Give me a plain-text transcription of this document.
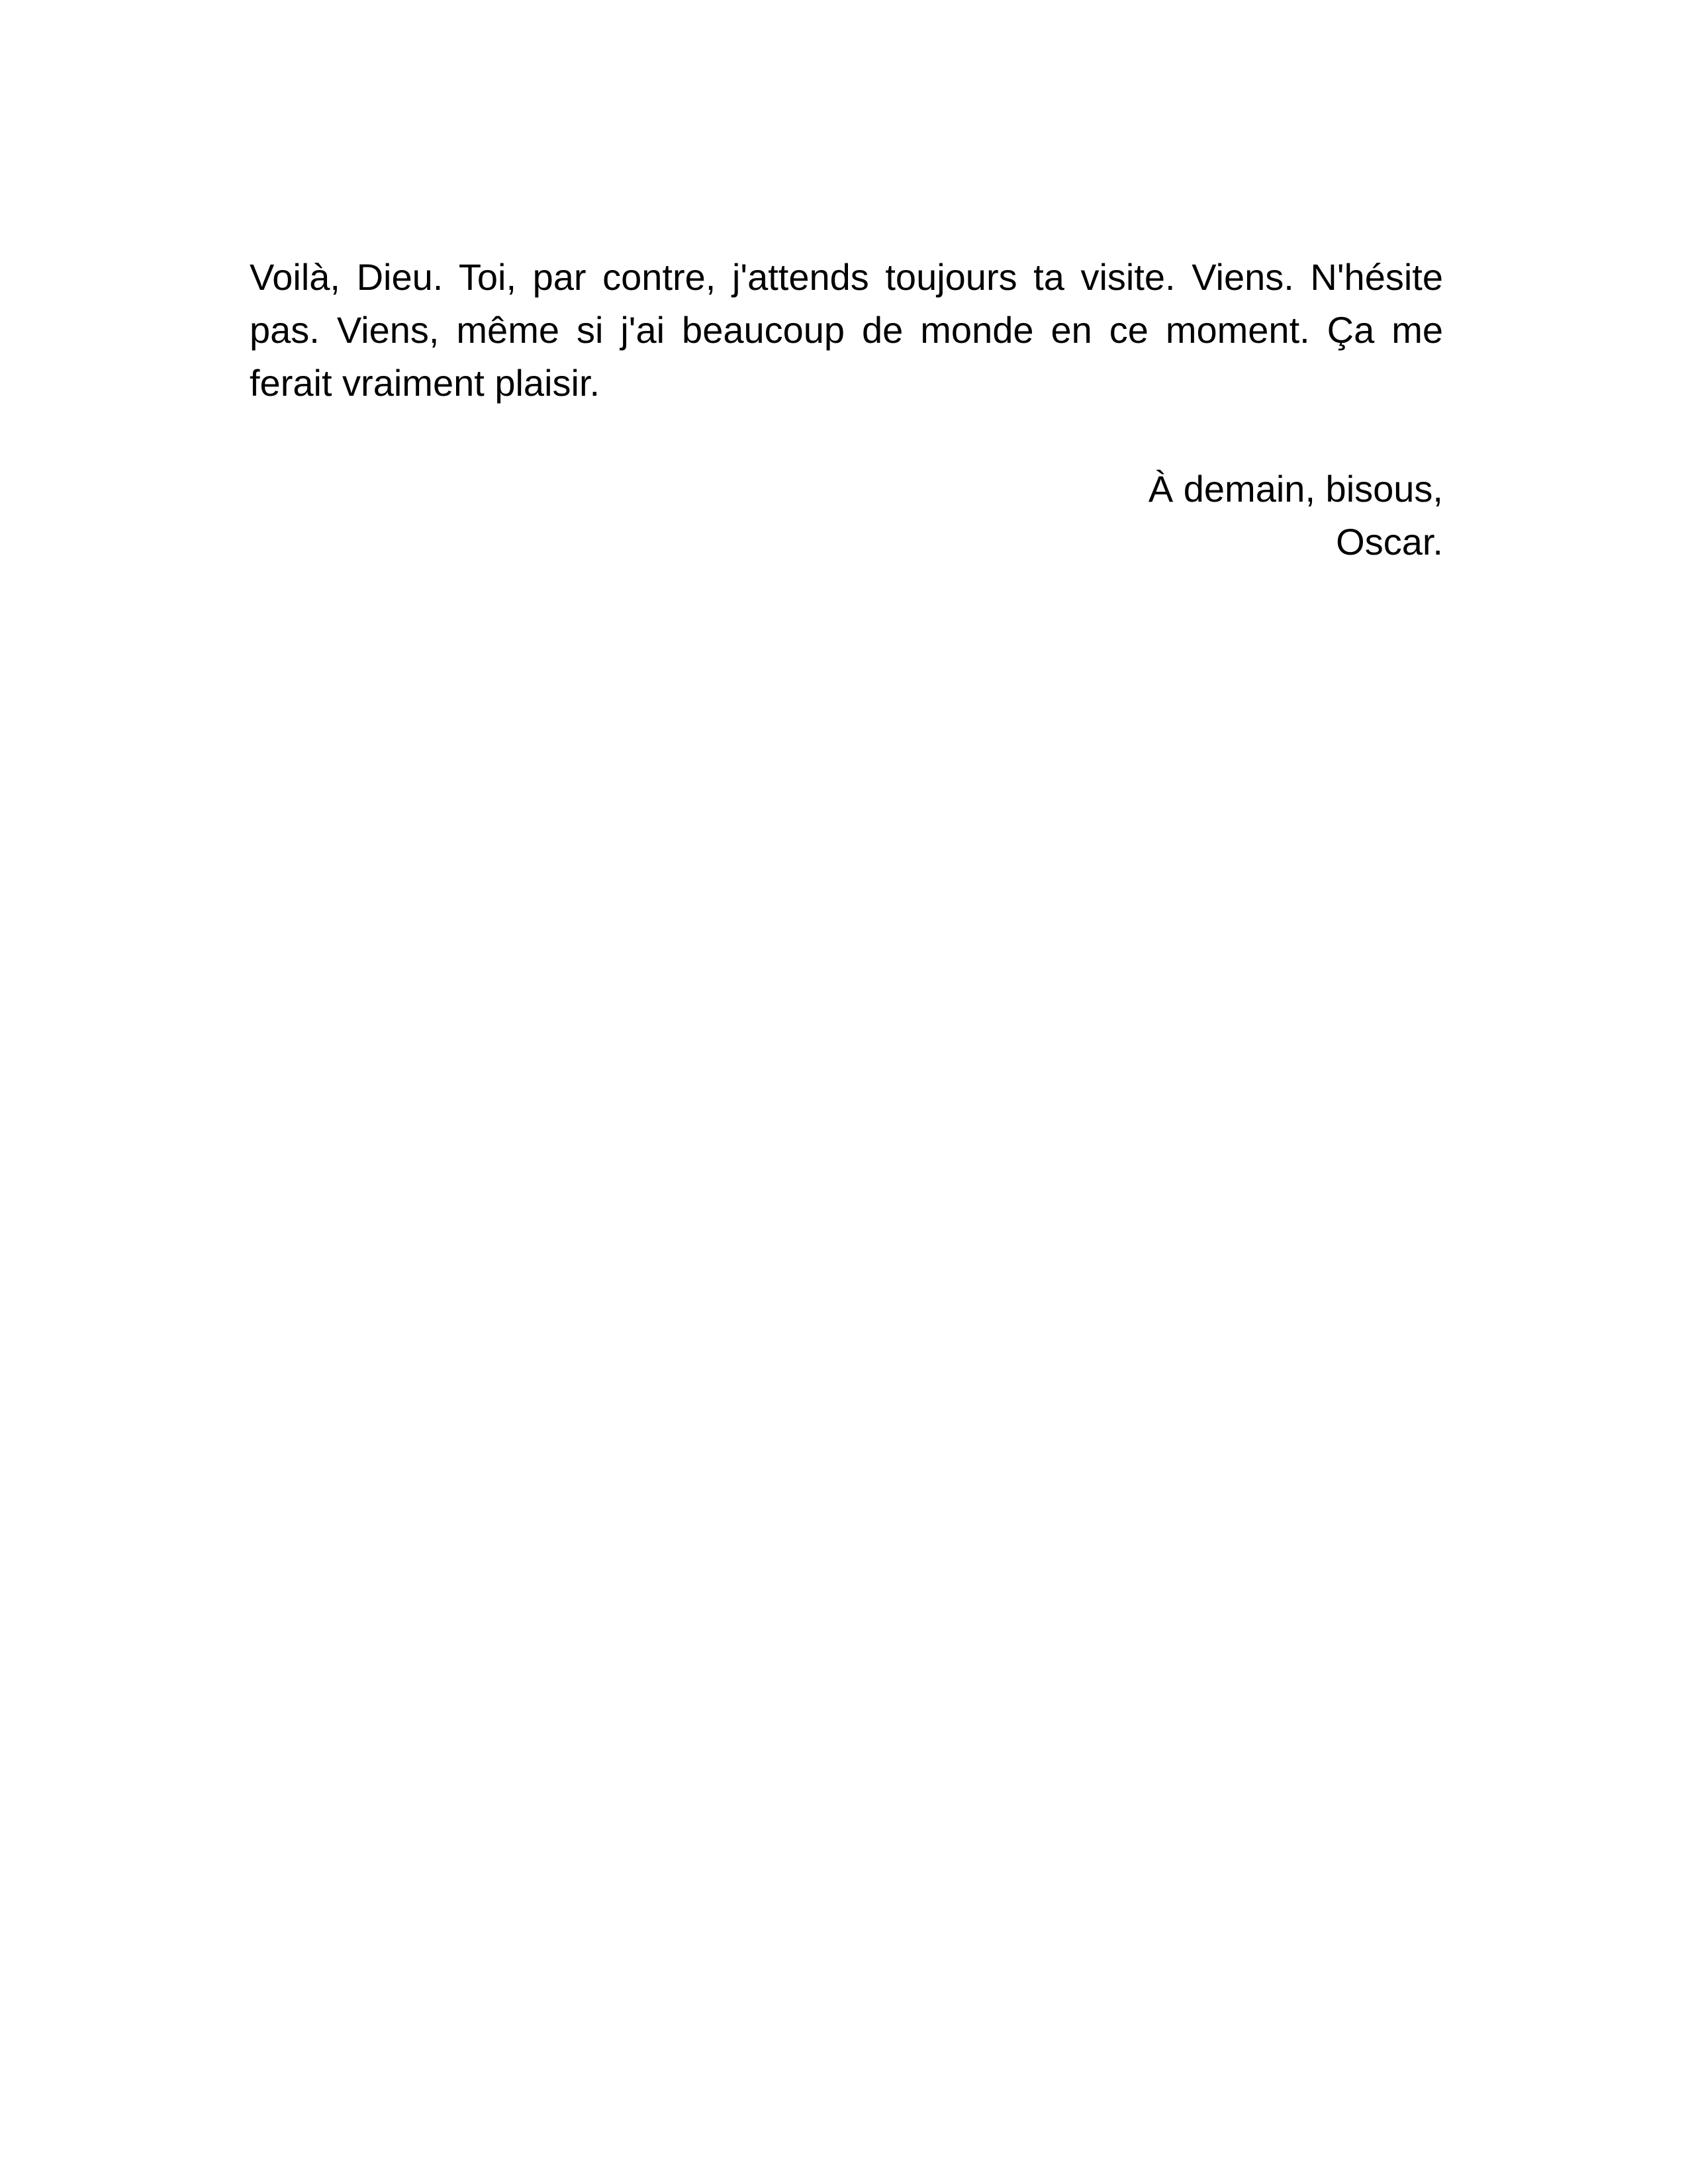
Voilà, Dieu. Toi, par contre, j'attends toujours ta visite. Viens. N'hésite
pas. Viens, même si j'ai beaucoup de monde en ce moment. Ça me
ferait vraiment plaisir.
À demain, bisous,
Oscar.
